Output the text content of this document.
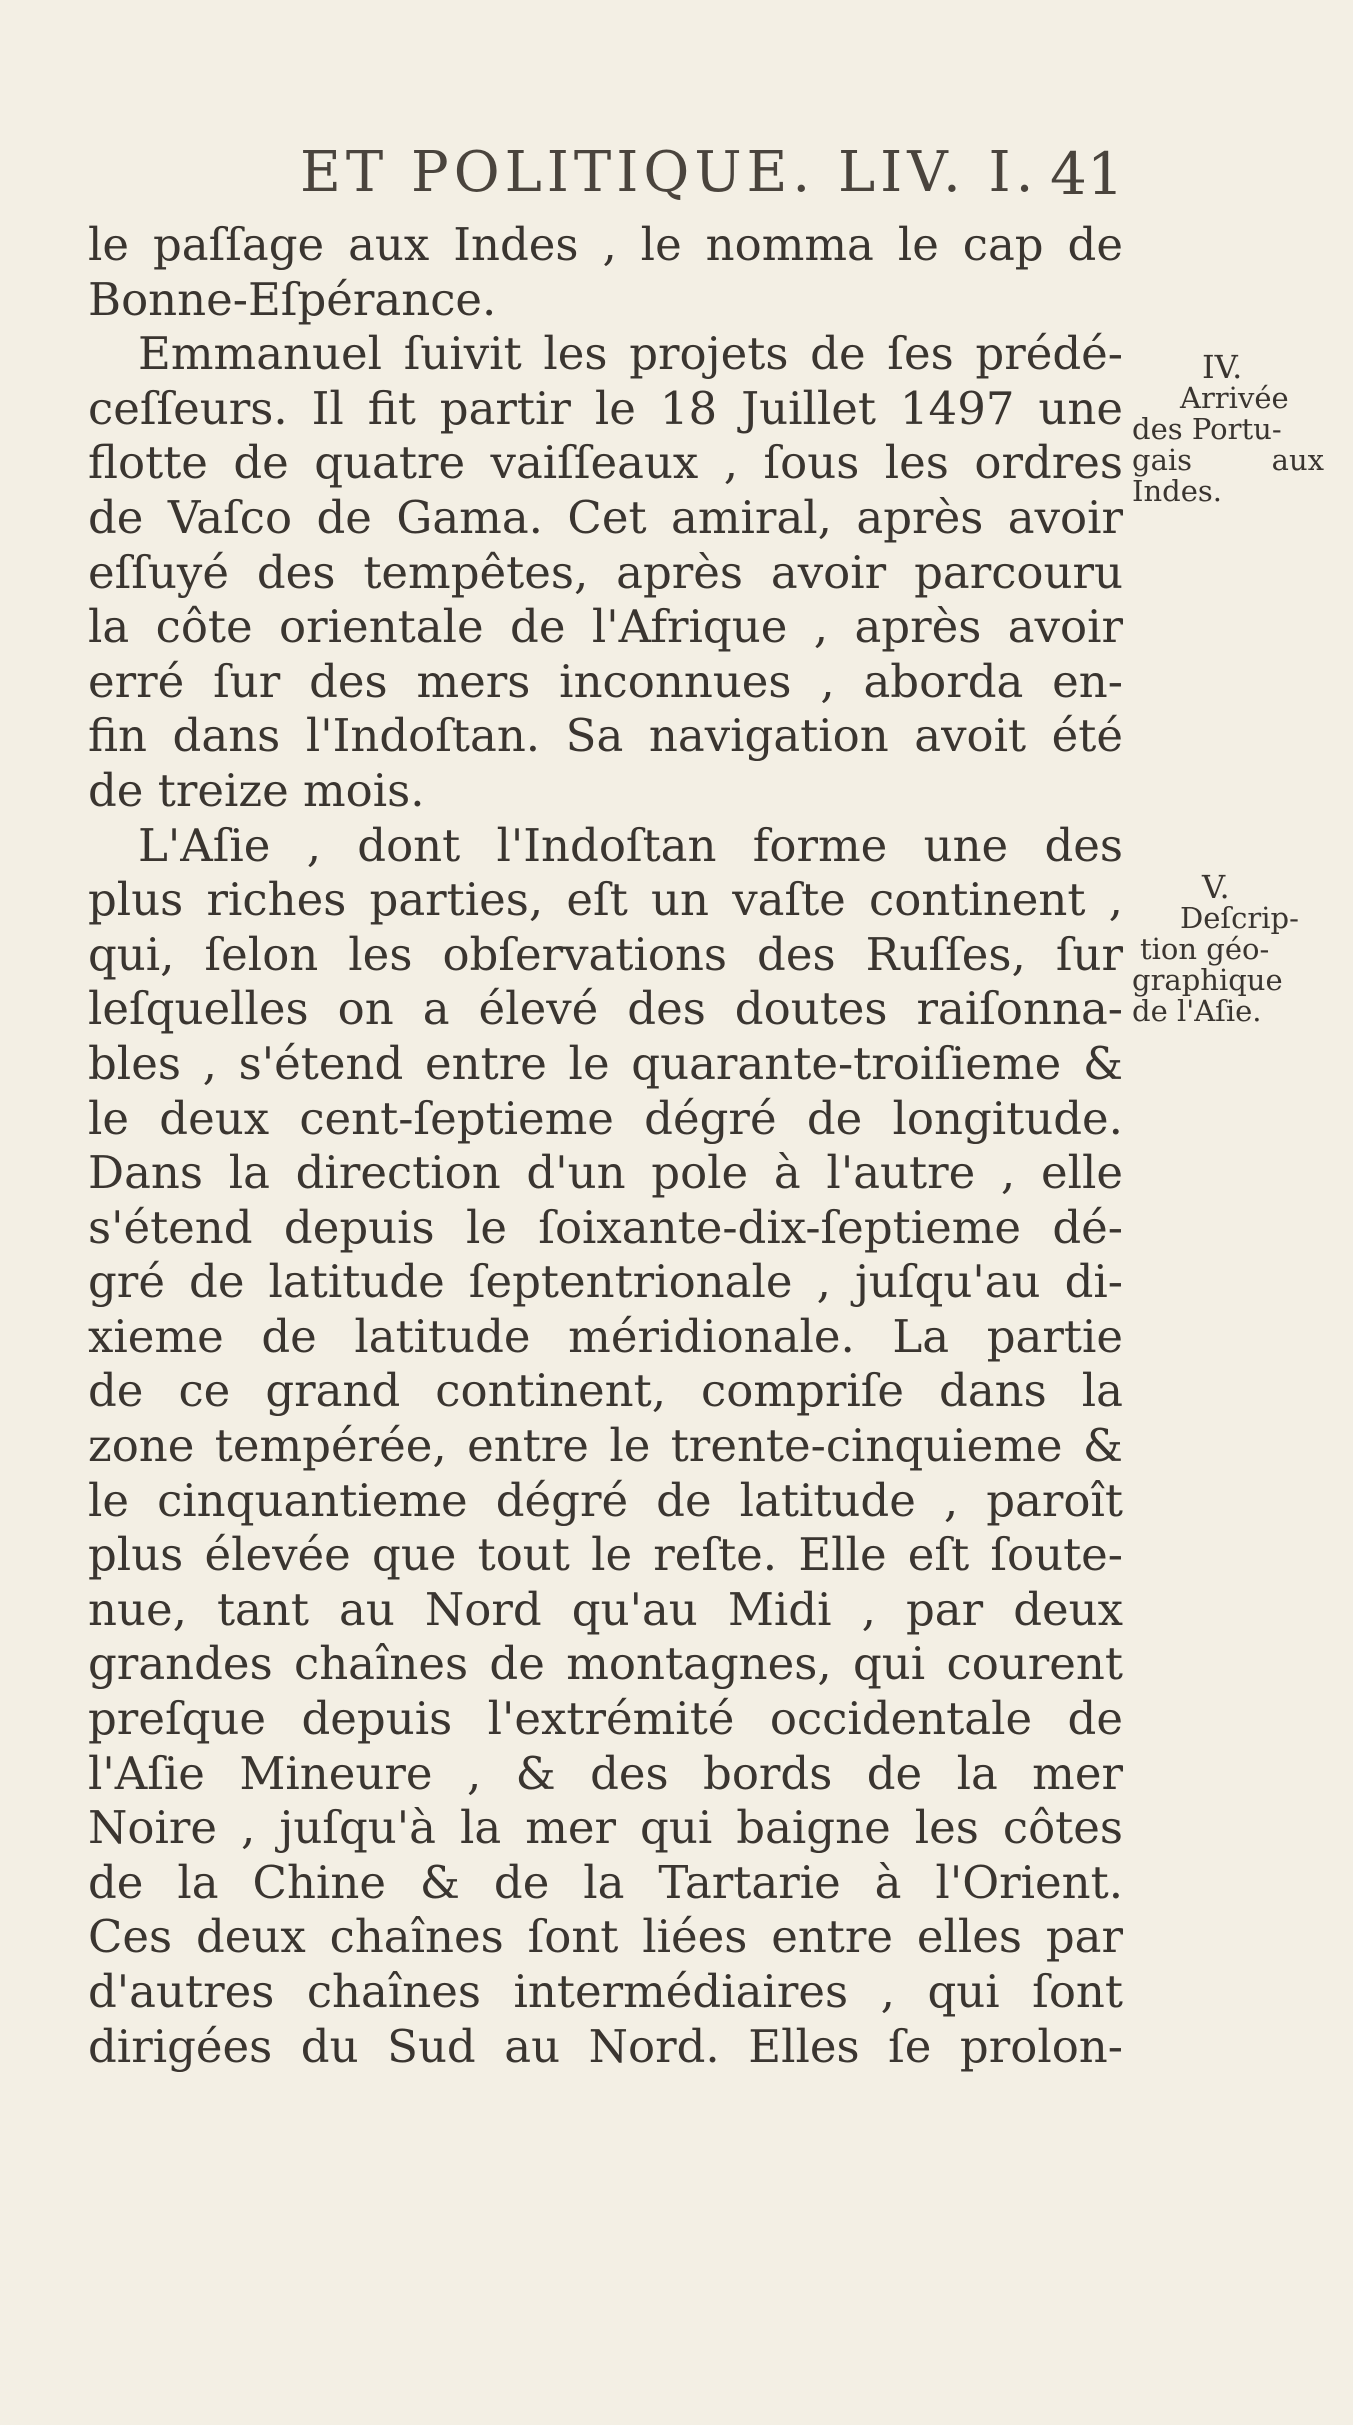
ET POLITIQUE. LIV. I. 41
le paſſage aux Indes , le nomma le cap de
Bonne-Eſpérance.
Emmanuel ſuivit les projets de ſes prédé-
ceſſeurs. Il fit partir le 18 Juillet 1497 une
flotte de quatre vaiſſeaux , ſous les ordres
de Vaſco de Gama. Cet amiral, après avoir
eſſuyé des tempêtes, après avoir parcouru
la côte orientale de l'Afrique , après avoir
erré ſur des mers inconnues , aborda en-
fin dans l'Indoſtan. Sa navigation avoit été
de treize mois.
L'Aſie , dont l'Indoſtan forme une des
plus riches parties, eſt un vaſte continent ,
qui, ſelon les obſervations des Ruſſes, ſur
leſquelles on a élevé des doutes raiſonna-
bles , s'étend entre le quarante-troiſieme &
le deux cent-ſeptieme dégré de longitude.
Dans la direction d'un pole à l'autre , elle
s'étend depuis le ſoixante-dix-ſeptieme dé-
gré de latitude ſeptentrionale , juſqu'au di-
xieme de latitude méridionale. La partie
de ce grand continent, compriſe dans la
zone tempérée, entre le trente-cinquieme &
le cinquantieme dégré de latitude , paroît
plus élevée que tout le reſte. Elle eſt ſoute-
nue, tant au Nord qu'au Midi , par deux
grandes chaînes de montagnes, qui courent
preſque depuis l'extrémité occidentale de
l'Aſie Mineure , & des bords de la mer
Noire , juſqu'à la mer qui baigne les côtes
de la Chine & de la Tartarie à l'Orient.
Ces deux chaînes ſont liées entre elles par
d'autres chaînes intermédiaires , qui ſont
dirigées du Sud au Nord. Elles ſe prolon-
IV.
Arrivée
des Portu-
gais	aux
Indes.
V.
Deſcrip-
tion géo-
graphique
de l'Aſie.
